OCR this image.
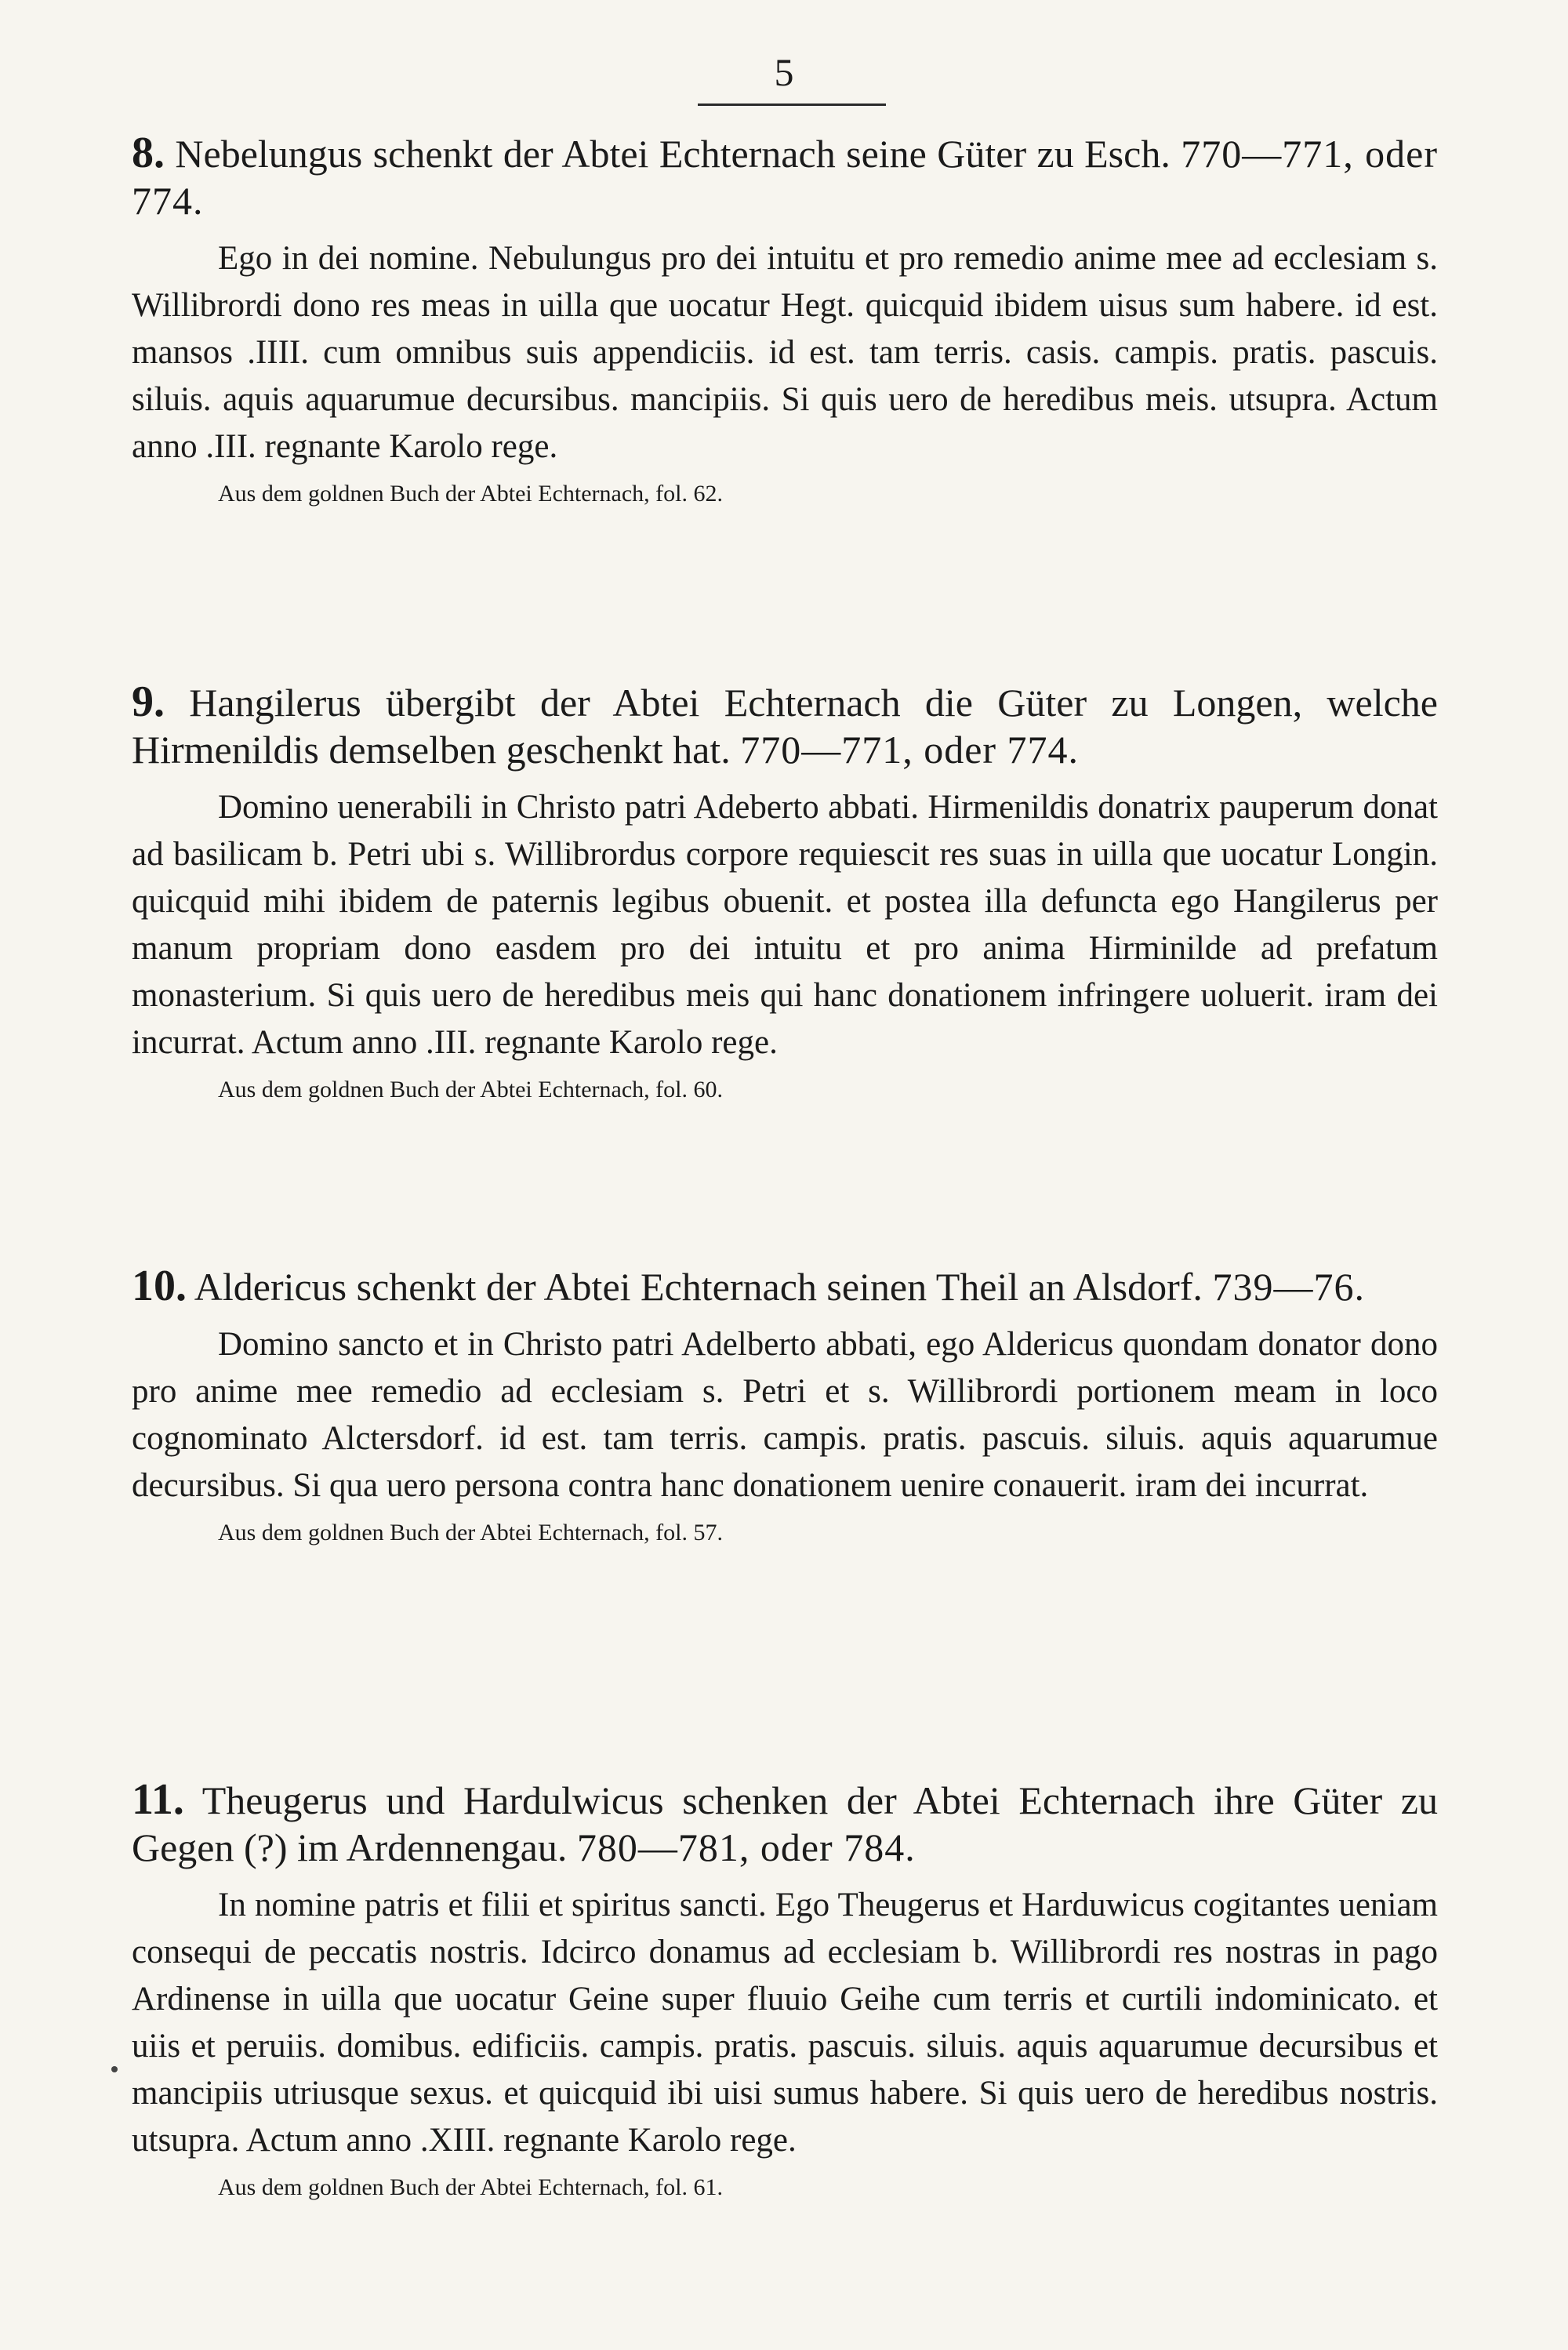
5

8. Nebelungus schenkt der Abtei Echternach seine Güter zu Esch. 770—771, oder 774.

Ego in dei nomine. Nebulungus pro dei intuitu et pro remedio anime mee ad ecclesiam s. Willibrordi dono res meas in uilla que uocatur Hegt. quicquid ibidem uisus sum habere. id est. mansos .IIII. cum omnibus suis appendiciis. id est. tam terris. casis. campis. pratis. pascuis. siluis. aquis aquarumue decursibus. mancipiis. Si quis uero de heredibus meis. utsupra. Actum anno .III. regnante Karolo rege.

Aus dem goldnen Buch der Abtei Echternach, fol. 62.

9. Hangilerus übergibt der Abtei Echternach die Güter zu Longen, welche Hirmenildis demselben geschenkt hat. 770—771, oder 774.

Domino uenerabili in Christo patri Adeberto abbati. Hirmenildis donatrix pauperum donat ad basilicam b. Petri ubi s. Willibrordus corpore requiescit res suas in uilla que uocatur Longin. quicquid mihi ibidem de paternis legibus obuenit. et postea illa defuncta ego Hangilerus per manum propriam dono easdem pro dei intuitu et pro anima Hirminilde ad prefatum monasterium. Si quis uero de heredibus meis qui hanc donationem infringere uoluerit. iram dei incurrat. Actum anno .III. regnante Karolo rege.

Aus dem goldnen Buch der Abtei Echternach, fol. 60.

10. Aldericus schenkt der Abtei Echternach seinen Theil an Alsdorf. 739—76.

Domino sancto et in Christo patri Adelberto abbati, ego Aldericus quondam donator dono pro anime mee remedio ad ecclesiam s. Petri et s. Willibrordi portionem meam in loco cognominato Alctersdorf. id est. tam terris. campis. pratis. pascuis. siluis. aquis aquarumue decursibus. Si qua uero persona contra hanc donationem uenire conauerit. iram dei incurrat.

Aus dem goldnen Buch der Abtei Echternach, fol. 57.

11. Theugerus und Hardulwicus schenken der Abtei Echternach ihre Güter zu Gegen (?) im Ardennengau. 780—781, oder 784.

In nomine patris et filii et spiritus sancti. Ego Theugerus et Harduwicus cogitantes ueniam consequi de peccatis nostris. Idcirco donamus ad ecclesiam b. Willibrordi res nostras in pago Ardinense in uilla que uocatur Geine super fluuio Geihe cum terris et curtili indominicato. et uiis et peruiis. domibus. edificiis. campis. pratis. pascuis. siluis. aquis aquarumue decursibus et mancipiis utriusque sexus. et quicquid ibi uisi sumus habere. Si quis uero de heredibus nostris. utsupra. Actum anno .XIII. regnante Karolo rege.

Aus dem goldnen Buch der Abtei Echternach, fol. 61.
